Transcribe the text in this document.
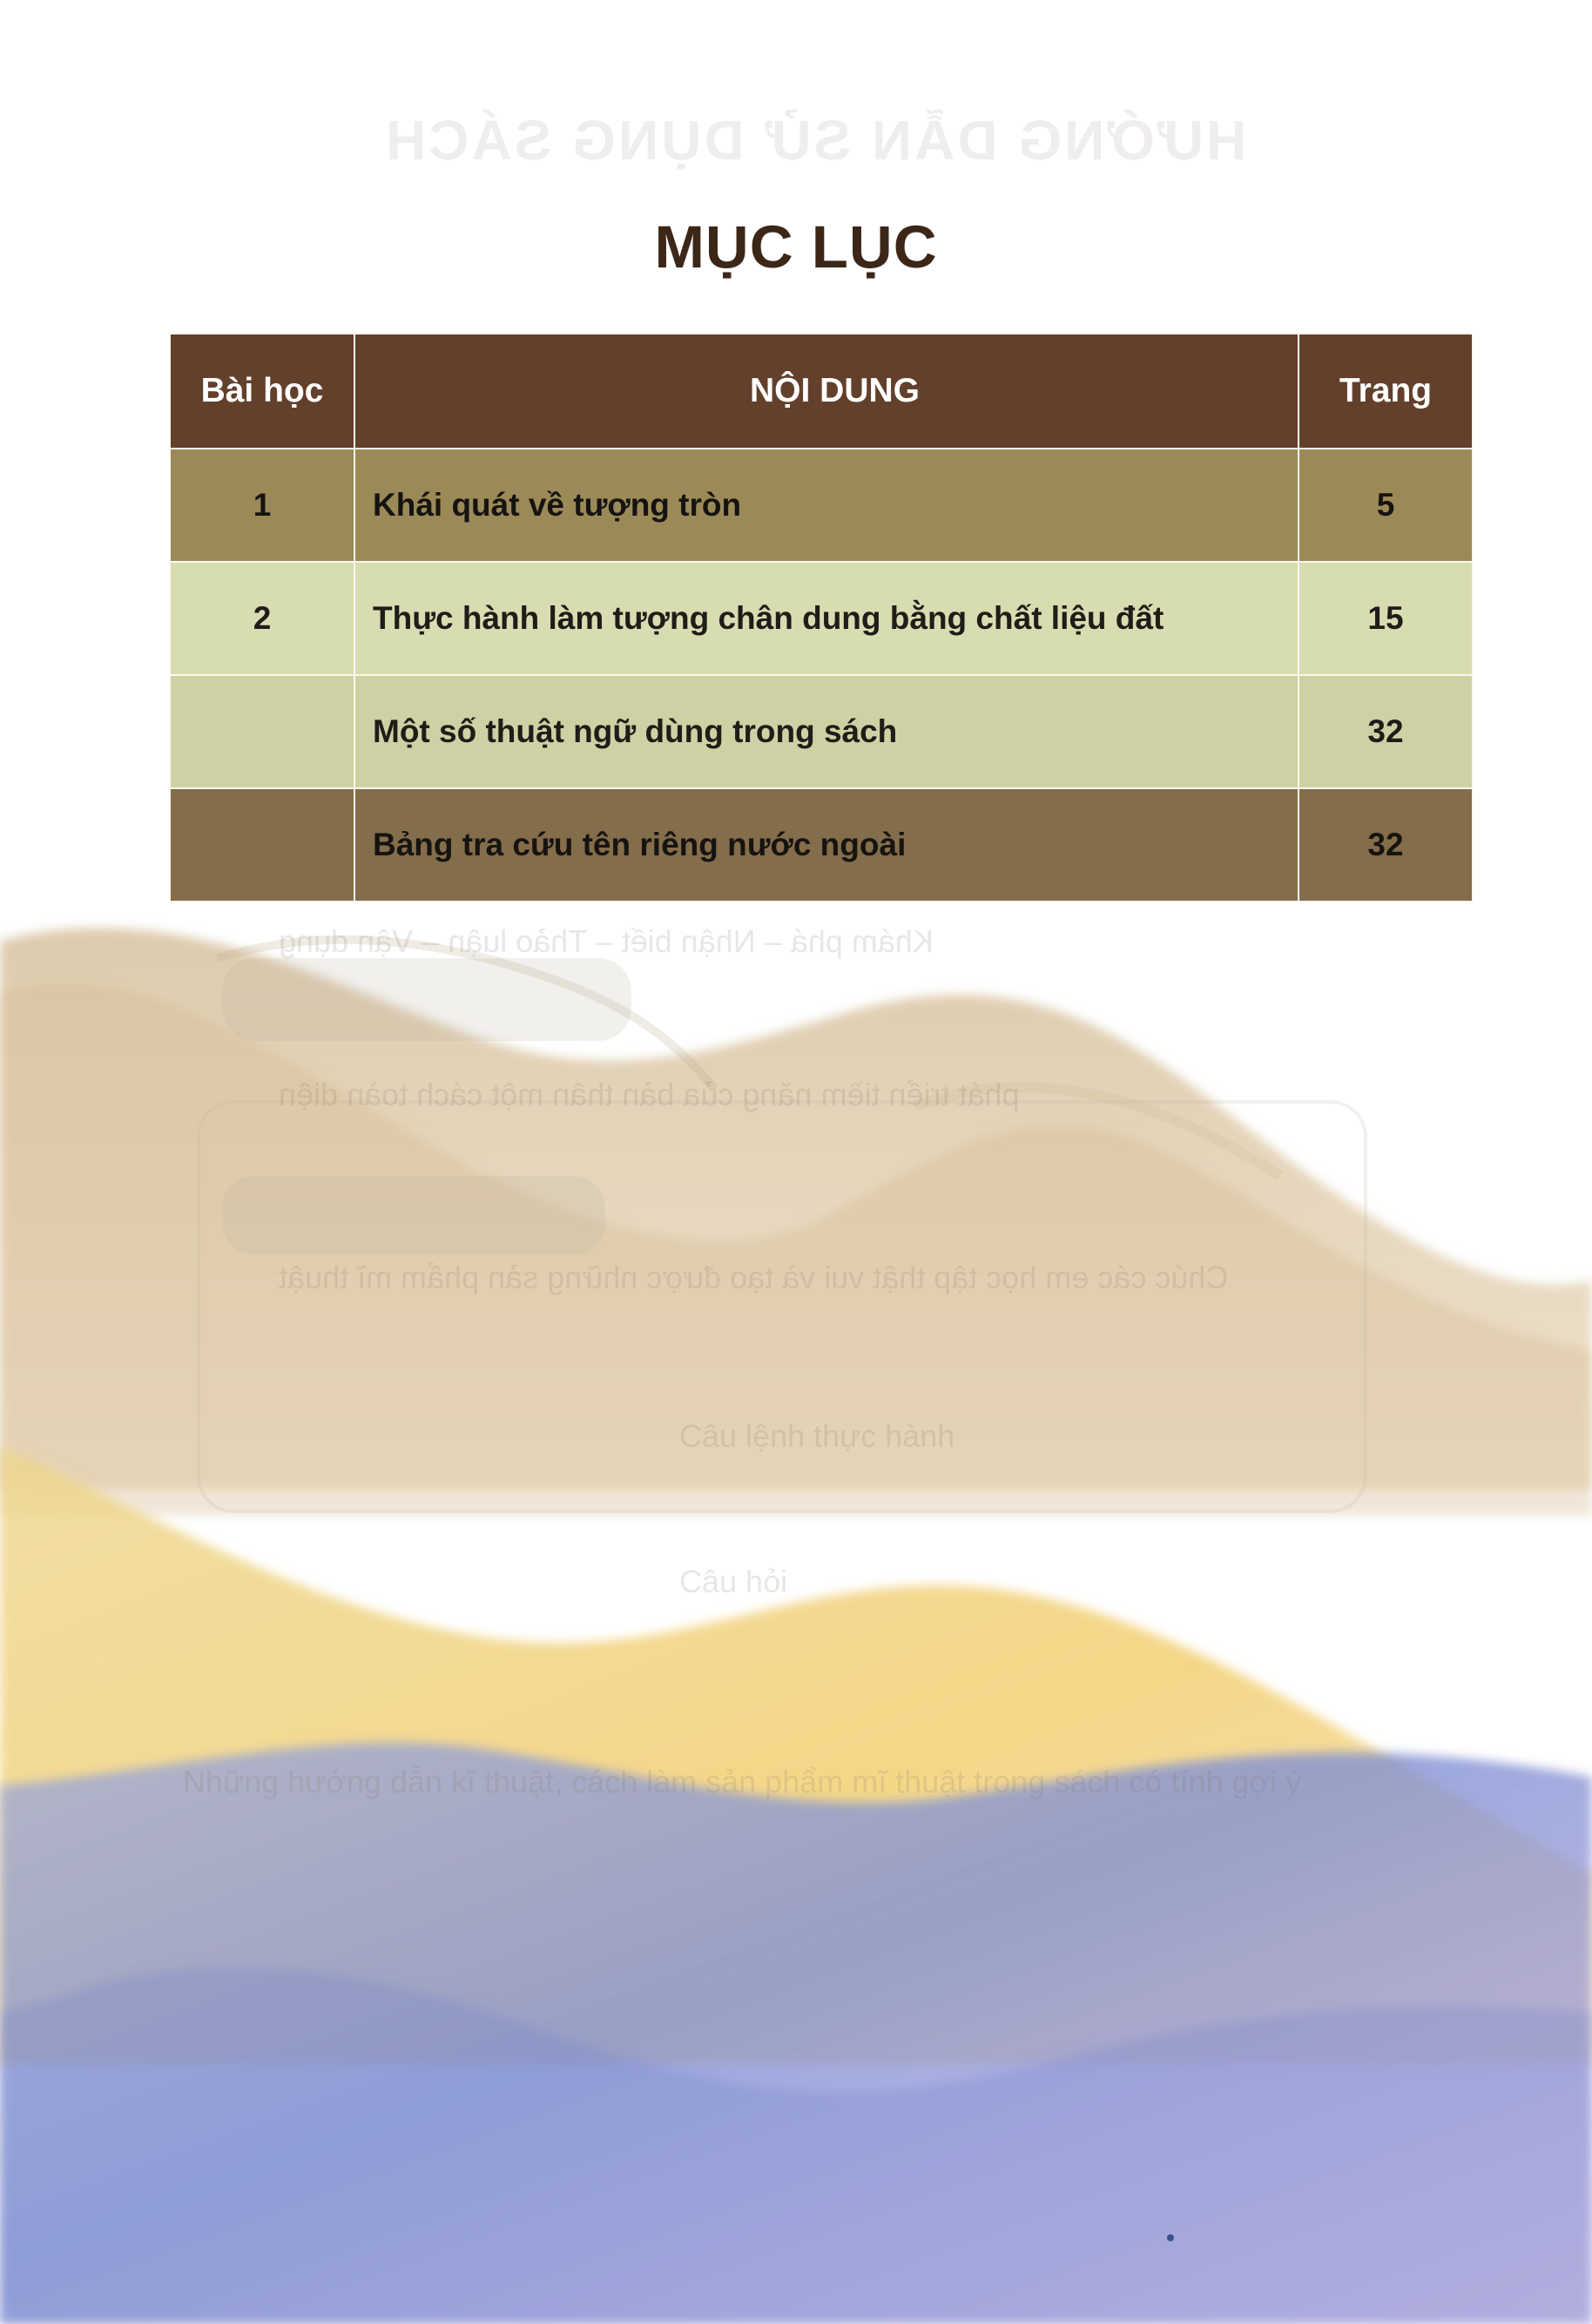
HƯỚNG DẪN SỬ DỤNG SÁCH
Khám phá – Nhận biết – Thảo luận – Vận dụng
phát triển tiềm năng của bản thân một cách toàn diện
Chúc các em học tập thật vui và tạo được những sản phẩm mĩ thuật
Câu lệnh thực hành
Câu hỏi
Những hướng dẫn kĩ thuật, cách làm sản phẩm mĩ thuật trong sách có tính gợi ý
MỤC LỤC
Bài học	NỘI DUNG	Trang
1	Khái quát về tượng tròn	5
2	Thực hành làm tượng chân dung bằng chất liệu đất	15
	Một số thuật ngữ dùng trong sách	32
	Bảng tra cứu tên riêng nước ngoài	32
